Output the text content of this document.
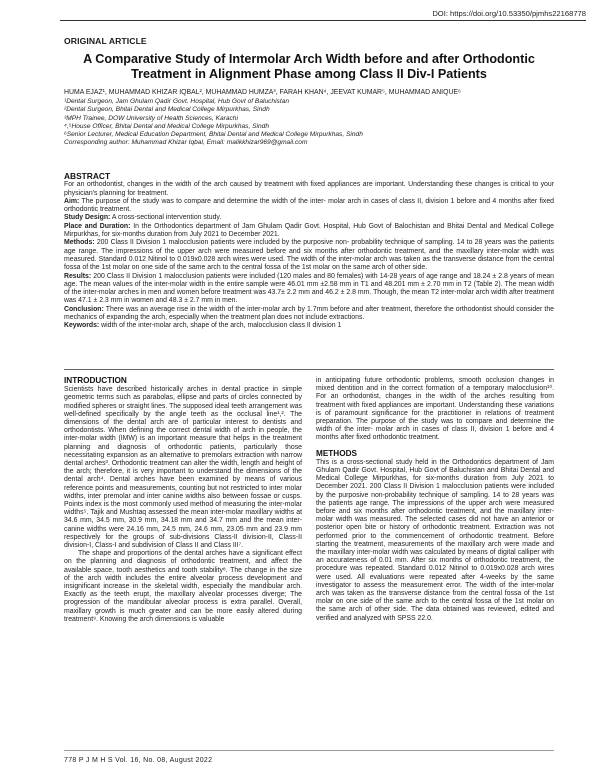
DOI: https://doi.org/10.53350/pjmhs22168778
ORIGINAL ARTICLE
A Comparative Study of Intermolar Arch Width before and after Orthodontic Treatment in Alignment Phase among Class II Div-I Patients
HUMA EJAZ¹, MUHAMMAD KHIZAR IQBAL², MUHAMMAD HUMZA³, FARAH KHAN⁴, JEEVAT KUMAR⁵, MUHAMMAD ANIQUE⁶
¹Dental Surgeon, Jam Ghulam Qadir Govt. Hospital, Hub Govt of Baluchistan
²Dental Surgeon, Bhitai Dental and Medical College Mirpurkhas, Sindh
³MPH Trainee, DOW University of Health Sciences, Karachi
⁴,⁵House Officer, Bhitai Dental and Medical College Mirpurkhas, Sindh
⁶Senior Lecturer, Medical Education Department, Bhitai Dental and Medical College Mirpurkhas, Sindh
Corresponding author: Muhammad Khizar Iqbal, Email: malikkhizar969@gmail.com
ABSTRACT

For an orthodontist, changes in the width of the arch caused by treatment with fixed appliances are important. Understanding these changes is critical to your physician's planning for treatment.

Aim: The purpose of the study was to compare and determine the width of the inter- molar arch in cases of class II, division 1 before and 4 months after fixed orthodontic treatment.

Study Design: A cross-sectional intervention study.

Place and Duration: In the Orthodontics department of Jam Ghulam Qadir Govt. Hospital, Hub Govt of Balochistan and Bhitai Dental and Medical College Mirpurkhas, for six-months duration from July 2021 to December 2021.

Methods: 200 Class II Division 1 malocclusion patients were included by the purposive non- probability technique of sampling. 14 to 28 years was the patients age range. The impressions of the upper arch were measured before and six months after orthodontic treatment, and the maxillary inter-molar width was measured. Standard 0.012 Nitinol to 0.019x0.028 arch wires were used. The width of the inter-molar arch was taken as the transverse distance from the central fossa of the 1st molar on one side of the same arch to the central fossa of the 1st molar on the same arch of other side.

Results: 200 Class II Division 1 malocclusion patients were included (120 males and 80 females) with 14-28 years of age range and 18.24 ± 2.8 years of mean age. The mean values of the inter-molar width in the entire sample were 46.01 mm ±2.58 mm in T1 and 48.201 mm ± 2.70 mm in T2 (Table 2). The mean width of the inter-molar arches in men and women before treatment was 43.7± 2.2 mm and 46.2 ± 2.8 mm. Though, the mean T2 inter-molar arch width after treatment was 47.1 ± 2.3 mm in women and 48.3 ± 2.7 mm in men.

Conclusion: There was an average rise in the width of the inter-molar arch by 1.7mm before and after treatment, therefore the orthodontist should consider the mechanics of expanding the arch, especially when the treatment plan does not include extractions.

Keywords: width of the inter-molar arch, shape of the arch, malocclusion class II division 1

INTRODUCTION

Scientists have described historically arches in dental practice in simple geometric terms such as parabolas, ellipse and parts of circles connected by modified spheres or straight lines. The supposed ideal teeth arrangement was well-defined specifically by the angle teeth as the occlusal line¹,². The dimensions of the dental arch are of particular interest to dentists and orthodontists. When defining the correct dental width of arch in people, the inter-molar width (IMW) is an important measure that helps in the treatment planning and diagnosis of orthodontic patients, particularly those necessitating expansion as an alternative to premolars extraction with narrow dental arches³. Orthodontic treatment can alter the width, length and height of the arch; therefore, it is very important to understand the dimensions of the dental arch⁴. Dental arches have been examined by means of various reference points and measurements, counting but not restricted to inter molar widths, inter premolar and inter canine widths also between fossae or cusps. Points index is the most commonly used method of measuring the inter-molar widths⁵. Tajik and Mushtaq assessed the mean inter-molar maxillary widths at 34.6 mm, 34.5 mm, 30.9 mm, 34.18 mm and 34.7 mm and the mean inter-canine widths were 24.16 mm, 24.5 mm, 24.6 mm, 23.05 mm and 23.9 mm respectively for the groups of sub-divisions Class-II division-II, Class-II division-I, Class-I and subdivision of Class II and Class III⁷.

The shape and proportions of the dental arches have a significant effect on the planning and diagnosis of orthodontic treatment, and affect the available space, tooth aesthetics and tooth stability⁸. The change in the size of the arch width includes the entire alveolar process development and insignificant increase in the skeletal width, especially the mandibular arch. Exactly as the teeth erupt, the maxillary alveolar processes diverge; The progression of the mandibular alveolar process is extra parallel. Overall, maxillary growth is much greater and can be more easily altered during treatment⁹. Knowing the arch dimensions is valuable

in anticipating future orthodontic problems, smooth occlusion changes in mixed dentition and in the correct formation of a temporary malocclusion¹⁰. For an orthodontist, changes in the width of the arches resulting from treatment with fixed appliances are important. Understanding these variations is of paramount significance for the practitioner in relations of treatment preparation. The purpose of the study was to compare and determine the width of the inter- molar arch in cases of class II, division 1 before and 4 months after fixed orthodontic treatment.

METHODS

This is a cross-sectional study held in the Orthodontics department of Jam Ghulam Qadir Govt. Hospital, Hub Govt of Baluchistan and Bhitai Dental and Medical College Mirpurkhas, for six-months duration from July 2021 to December 2021. 200 Class II Division 1 malocclusion patients were included by the purposive non-probability technique of sampling. 14 to 28 years was the patients age range. The impressions of the upper arch were measured before and six months after orthodontic treatment, and the maxillary inter-molar width was measured. The selected cases did not have an anterior or posterior open bite or history of orthodontic treatment. Extraction was not performed prior to the commencement of orthodontic treatment. Before starting the treatment, measurements of the maxillary arch were made and the maxillary inter-molar width was calculated by means of digital calliper with an accurateness of 0.01 mm. After six months of orthodontic treatment, the procedure was repeated. Standard 0.012 Nitinol to 0.019x0.028 arch wires were used. All evaluations were repeated after 4-weeks by the same investigator to assess the measurement error. The width of the inter-molar arch was taken as the transverse distance from the central fossa of the 1st molar on one side of the same arch to the central fossa of the 1st molar on the same arch of other side. The data obtained was reviewed, edited and verified and analyzed with SPSS 22.0.

778 P J M H S Vol. 16, No. 08, August 2022
